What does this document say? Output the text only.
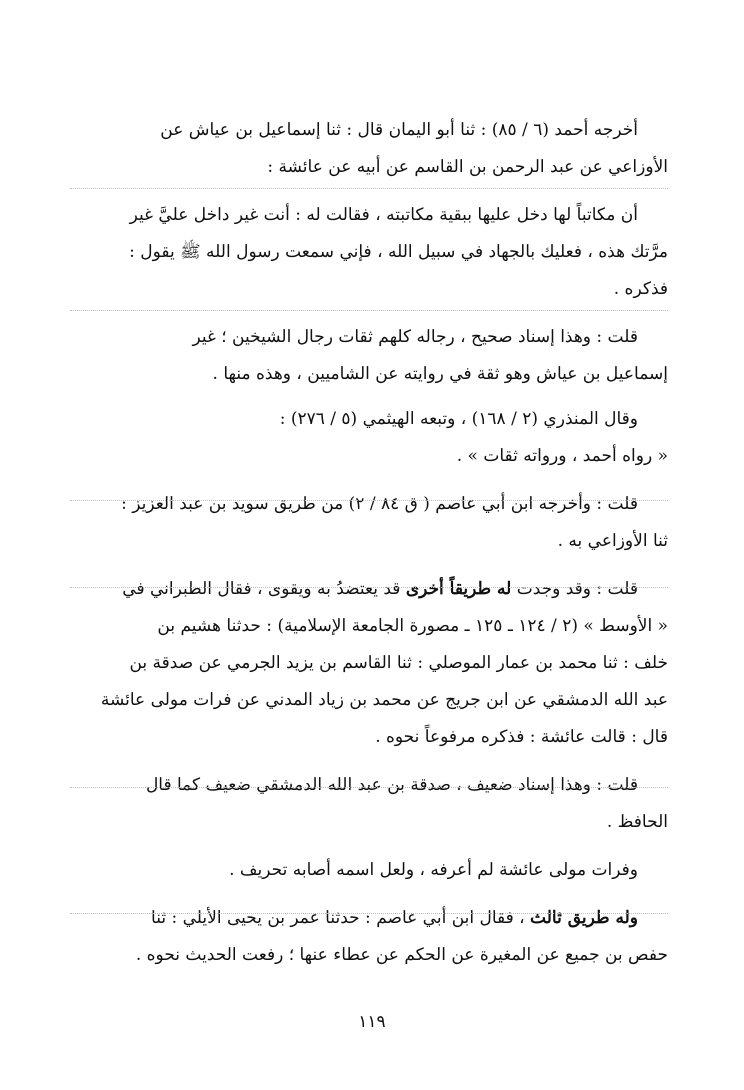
أخرجه أحمد (٦ / ٨٥) : ثنا أبو اليمان قال : ثنا إسماعيل بن عياش عن
الأوزاعي عن عبد الرحمن بن القاسم عن أبيه عن عائشة :

أن مكاتباً لها دخل عليها ببقية مكاتبته ، فقالت له : أنت غير داخل عليَّ غير
مرَّتك هذه ، فعليك بالجهاد في سبيل الله ، فإني سمعت رسول الله ﷺ يقول :
فذكره .

قلت : وهذا إسناد صحيح ، رجاله كلهم ثقات رجال الشيخين ؛ غير
إسماعيل بن عياش وهو ثقة في روايته عن الشاميين ، وهذه منها .

وقال المنذري (٢ / ١٦٨) ، وتبعه الهيثمي (٥ / ٢٧٦) :
« رواه أحمد ، ورواته ثقات » .

قلت : وأخرجه ابن أبي عاصم ( ق ٨٤ / ٢) من طريق سويد بن عبد العزيز :
ثنا الأوزاعي به .

قلت : وقد وجدت له طريقاً أخرى قد يعتضدُ به ويقوى ، فقال الطبراني في
« الأوسط » (٢ / ١٢٤ ـ ١٢٥ ـ مصورة الجامعة الإسلامية) : حدثنا هشيم بن
خلف : ثنا محمد بن عمار الموصلي : ثنا القاسم بن يزيد الجرمي عن صدقة بن
عبد الله الدمشقي عن ابن جريج عن محمد بن زياد المدني عن فرات مولى عائشة
قال : قالت عائشة : فذكره مرفوعاً نحوه .

قلت : وهذا إسناد ضعيف ، صدقة بن عبد الله الدمشقي ضعيف كما قال
الحافظ .

وفرات مولى عائشة لم أعرفه ، ولعل اسمه أصابه تحريف .

وله طريق ثالث ، فقال ابن أبي عاصم : حدثنا عمر بن يحيى الأيلي : ثنا
حفص بن جميع عن المغيرة عن الحكم عن عطاء عنها ؛ رفعت الحديث نحوه .

١١٩
